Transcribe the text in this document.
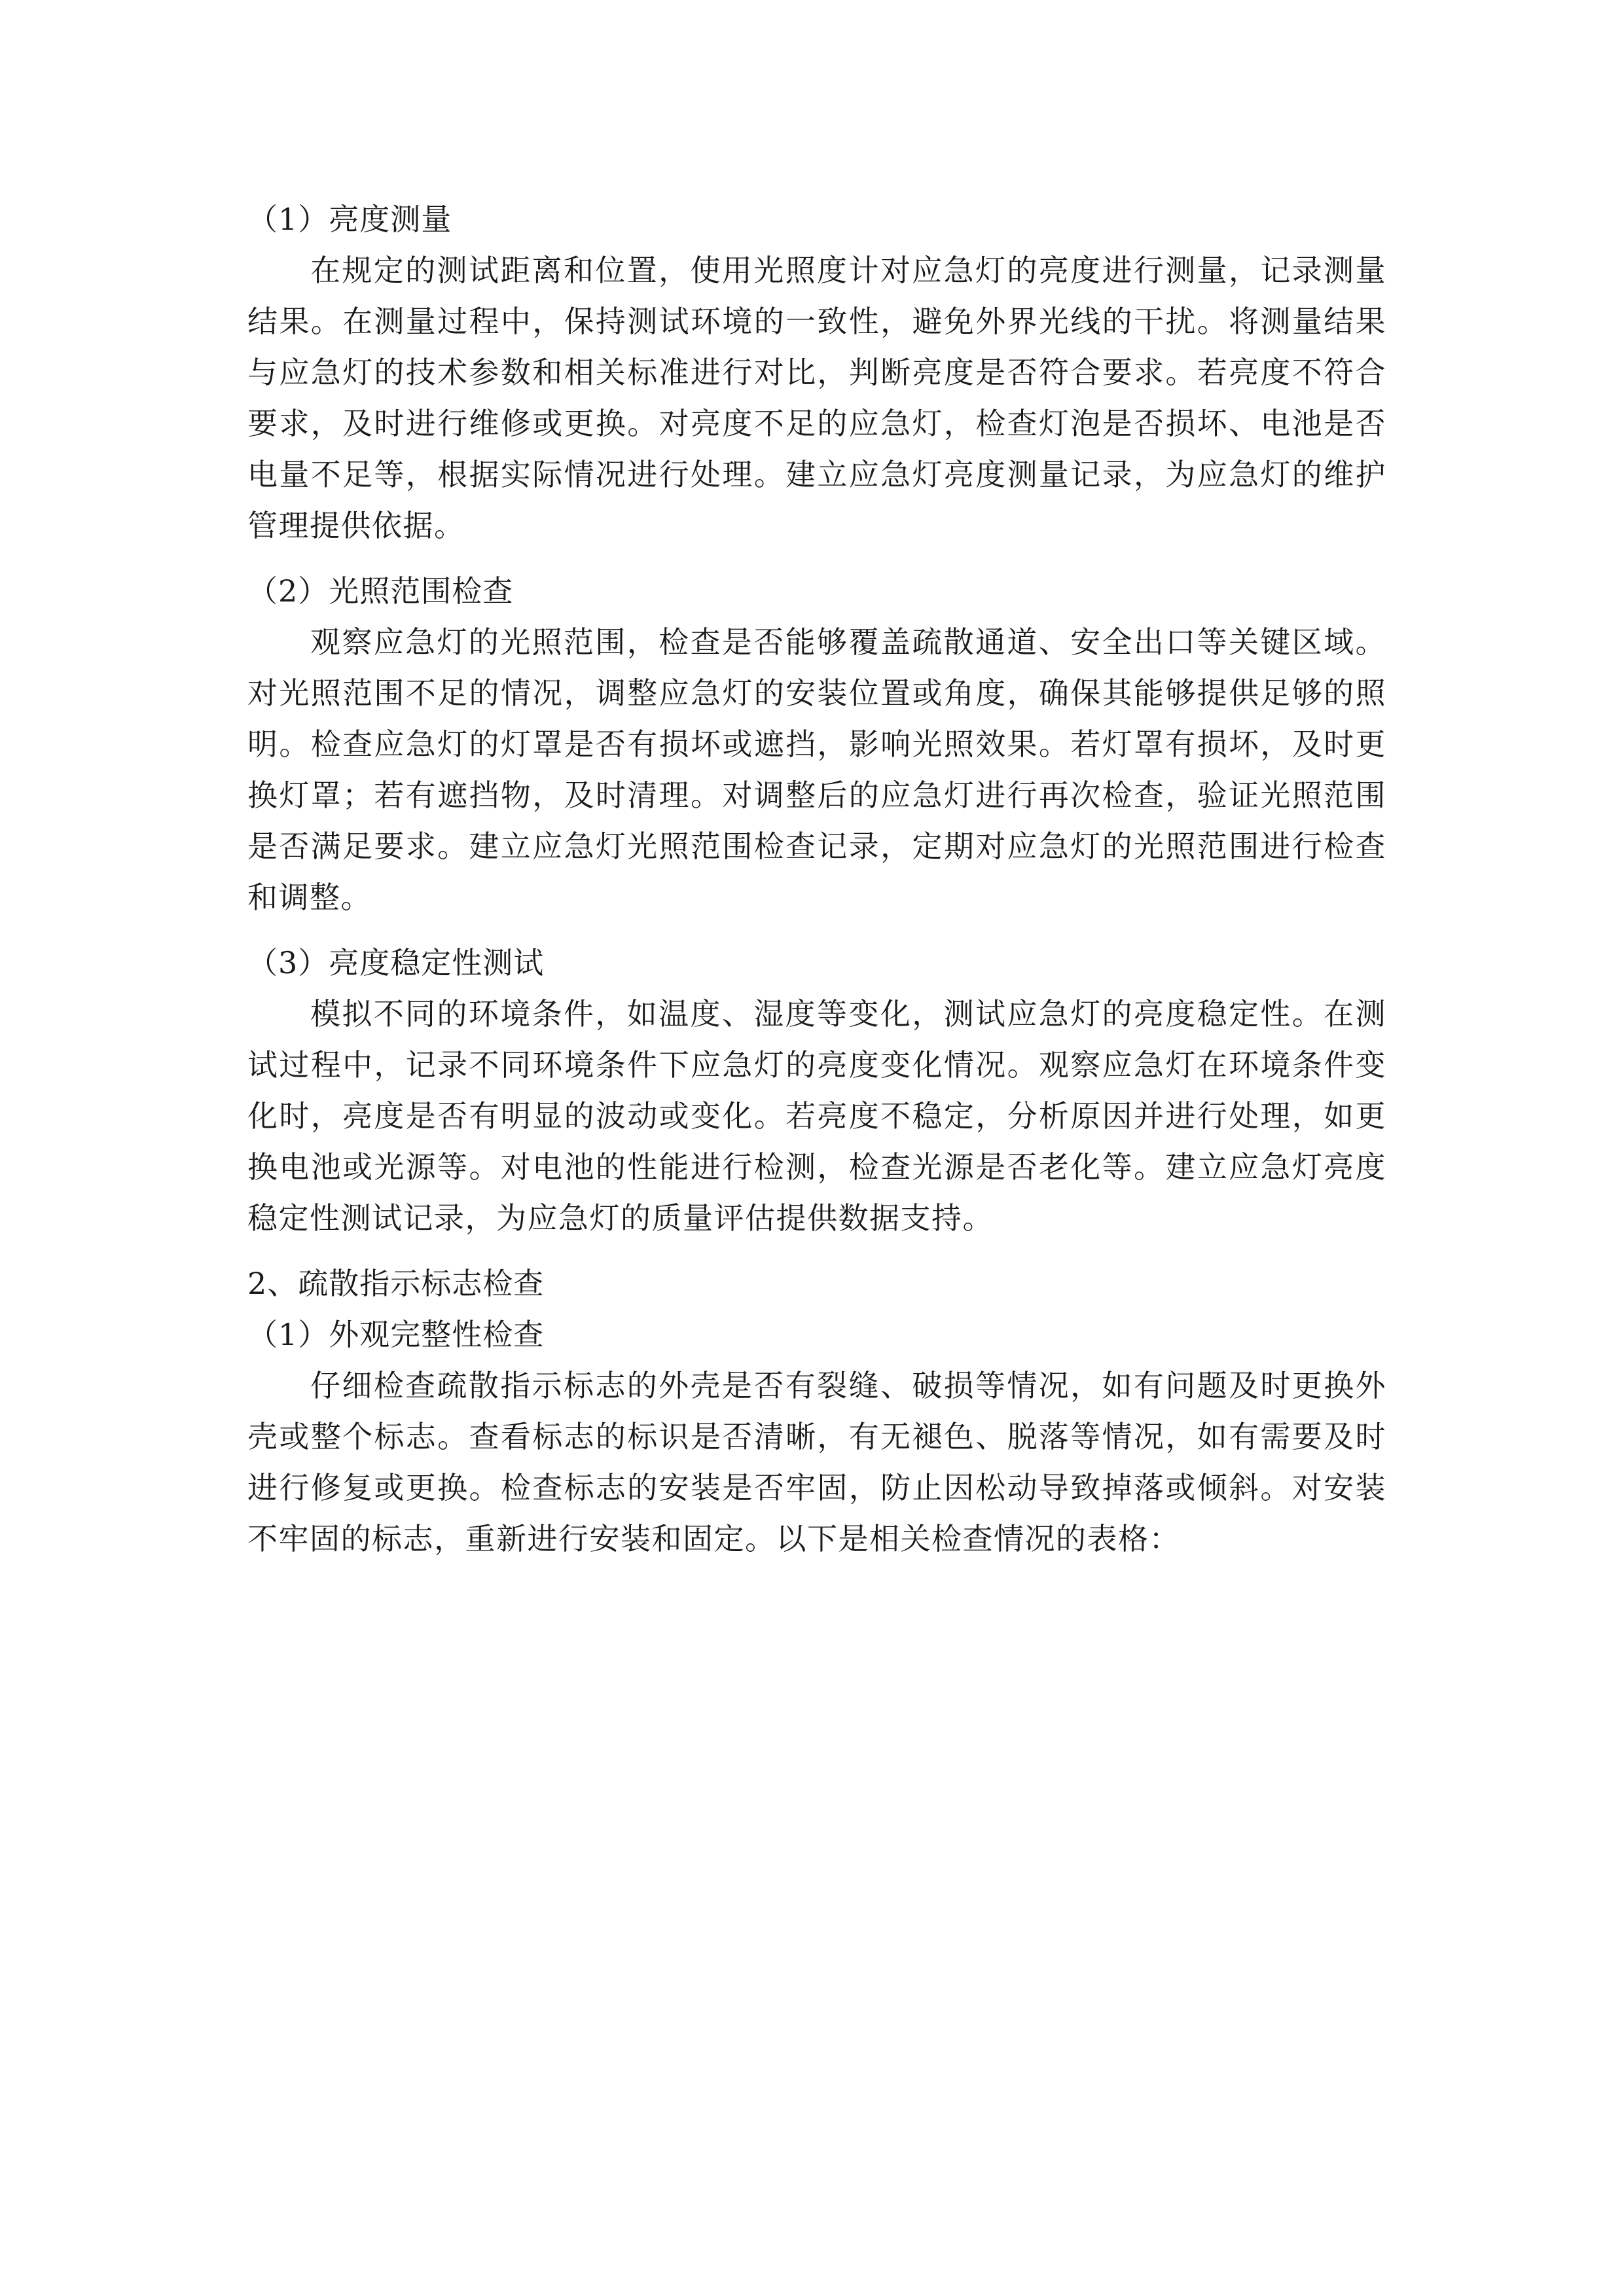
（1）亮度测量

在规定的测试距离和位置，使用光照度计对应急灯的亮度进行测量，记录测量结果。在测量过程中，保持测试环境的一致性，避免外界光线的干扰。将测量结果与应急灯的技术参数和相关标准进行对比，判断亮度是否符合要求。若亮度不符合要求，及时进行维修或更换。对亮度不足的应急灯，检查灯泡是否损坏、电池是否电量不足等，根据实际情况进行处理。建立应急灯亮度测量记录，为应急灯的维护管理提供依据。

（2）光照范围检查

观察应急灯的光照范围，检查是否能够覆盖疏散通道、安全出口等关键区域。对光照范围不足的情况，调整应急灯的安装位置或角度，确保其能够提供足够的照明。检查应急灯的灯罩是否有损坏或遮挡，影响光照效果。若灯罩有损坏，及时更换灯罩；若有遮挡物，及时清理。对调整后的应急灯进行再次检查，验证光照范围是否满足要求。建立应急灯光照范围检查记录，定期对应急灯的光照范围进行检查和调整。

（3）亮度稳定性测试

模拟不同的环境条件，如温度、湿度等变化，测试应急灯的亮度稳定性。在测试过程中，记录不同环境条件下应急灯的亮度变化情况。观察应急灯在环境条件变化时，亮度是否有明显的波动或变化。若亮度不稳定，分析原因并进行处理，如更换电池或光源等。对电池的性能进行检测，检查光源是否老化等。建立应急灯亮度稳定性测试记录，为应急灯的质量评估提供数据支持。

2、疏散指示标志检查

（1）外观完整性检查

仔细检查疏散指示标志的外壳是否有裂缝、破损等情况，如有问题及时更换外壳或整个标志。查看标志的标识是否清晰，有无褪色、脱落等情况，如有需要及时进行修复或更换。检查标志的安装是否牢固，防止因松动导致掉落或倾斜。对安装不牢固的标志，重新进行安装和固定。以下是相关检查情况的表格：
